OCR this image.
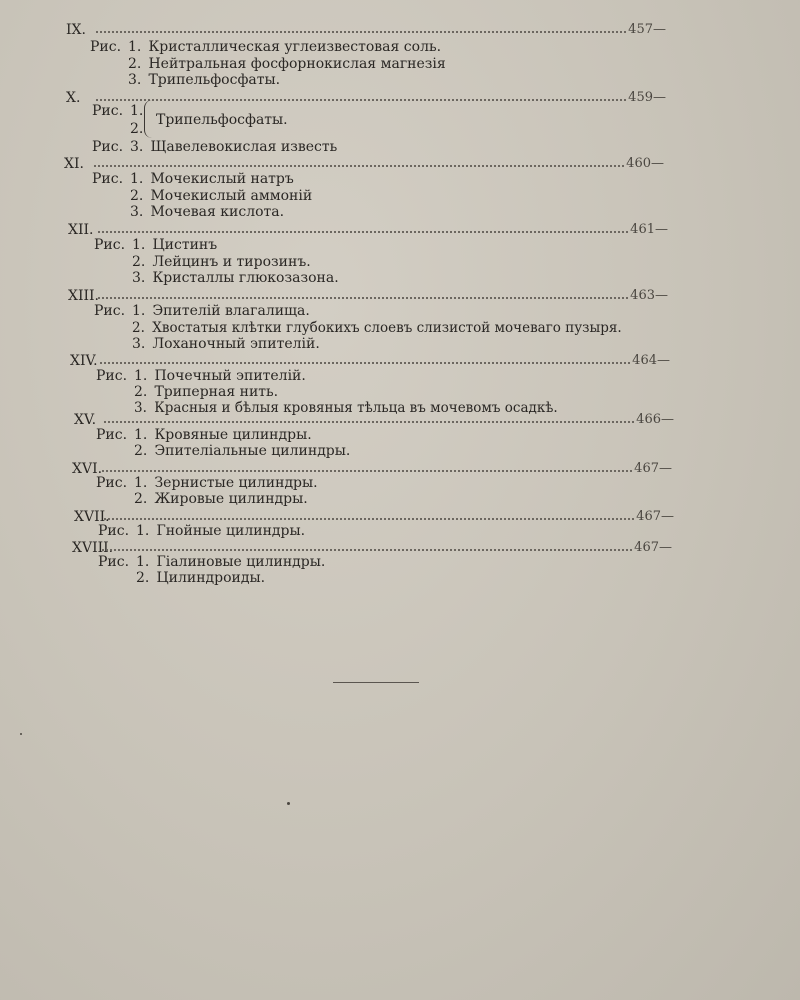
IX.	457—
Рис. 1. Кристаллическая углеизвестовая соль.
2. Нейтральная фосфорнокислая магнезія
3. Трипельфосфаты.
X.	459—
Рис. 1.
2.
Трипельфосфаты.
Рис. 3. Щавелевокислая известь
XI.	460—
Рис. 1. Мочекислый натръ
2. Мочекислый аммоній
3. Мочевая кислота.
XII.	461—
Рис. 1. Цистинъ
2. Лейцинъ и тирозинъ.
3. Кристаллы глюкозазона.
XIII.	463—
Рис. 1. Эпителій влагалища.
2. Хвостатыя клѣтки глубокихъ слоевъ слизистой мочеваго пузыря.
3. Лоханочный эпителій.
XIV.	464—
Рис. 1. Почечный эпителій.
2. Триперная нить.
3. Красныя и бѣлыя кровяныя тѣльца въ мочевомъ осадкѣ.
XV.	466—
Рис. 1. Кровяные цилиндры.
2. Эпителіальные цилиндры.
XVI.	467—
Рис. 1. Зернистые цилиндры.
2. Жировые цилиндры.
XVII.	467—
Рис. 1. Гнойные цилиндры.
XVIII.	467—
Рис. 1. Гіалиновые цилиндры.
2. Цилиндроиды.
